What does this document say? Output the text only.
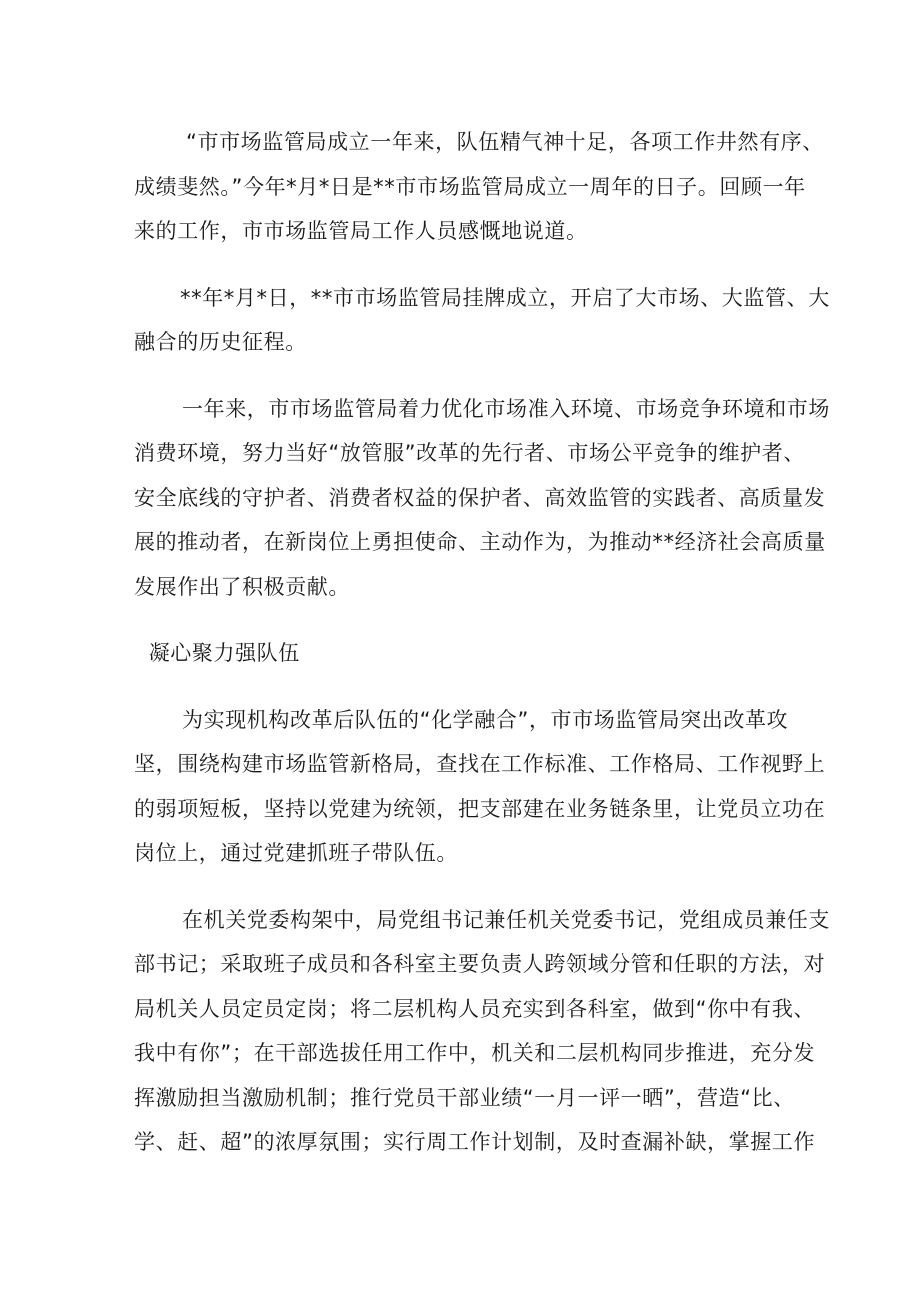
“市市场监管局成立一年来，队伍精气神十足，各项工作井然有序、
成绩斐然。”今年*月*日是**市市场监管局成立一周年的日子。回顾一年
来的工作，市市场监管局工作人员感慨地说道。
**年*月*日，**市市场监管局挂牌成立，开启了大市场、大监管、大
融合的历史征程。
一年来，市市场监管局着力优化市场准入环境、市场竞争环境和市场
消费环境，努力当好“放管服”改革的先行者、市场公平竞争的维护者、
安全底线的守护者、消费者权益的保护者、高效监管的实践者、高质量发
展的推动者，在新岗位上勇担使命、主动作为，为推动**经济社会高质量
发展作出了积极贡献。
凝心聚力强队伍
为实现机构改革后队伍的“化学融合”，市市场监管局突出改革攻
坚，围绕构建市场监管新格局，查找在工作标准、工作格局、工作视野上
的弱项短板，坚持以党建为统领，把支部建在业务链条里，让党员立功在
岗位上，通过党建抓班子带队伍。
在机关党委构架中，局党组书记兼任机关党委书记，党组成员兼任支
部书记；采取班子成员和各科室主要负责人跨领域分管和任职的方法，对
局机关人员定员定岗；将二层机构人员充实到各科室，做到“你中有我、
我中有你”；在干部选拔任用工作中，机关和二层机构同步推进，充分发
挥激励担当激励机制；推行党员干部业绩“一月一评一晒”，营造“比、
学、赶、超”的浓厚氛围；实行周工作计划制，及时查漏补缺，掌握工作
